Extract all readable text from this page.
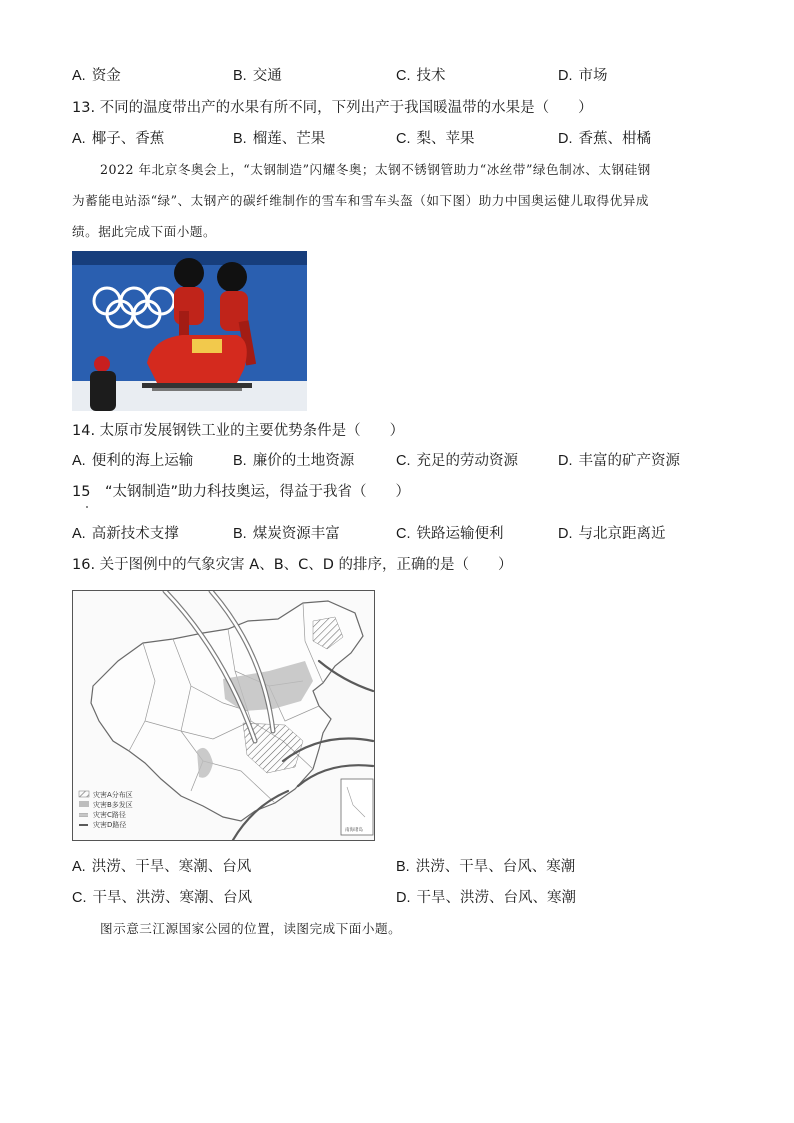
A. 资金	B. 交通	C. 技术	D. 市场
13. 不同的温度带出产的水果有所不同，下列出产于我国暖温带的水果是（　　）
A. 椰子、香蕉	B. 榴莲、芒果	C. 梨、苹果	D. 香蕉、柑橘
2022 年北京冬奥会上，“太钢制造”闪耀冬奥；太钢不锈钢管助力“冰丝带”绿色制冰、太钢硅钢
为蓄能电站添“绿”、太钢产的碳纤维制作的雪车和雪车头盔（如下图）助力中国奥运健儿取得优异成
绩。据此完成下面小题。
14. 太原市发展钢铁工业的主要优势条件是（　　）
A. 便利的海上运输	B. 廉价的土地资源	C. 充足的劳动资源	D. 丰富的矿产资源
15　“太钢制造”助力科技奥运，得益于我省（　　）
A. 高新技术支撑	B. 煤炭资源丰富	C. 铁路运输便利	D. 与北京距离近
16. 关于图例中的气象灾害 A、B、C、D 的排序，正确的是（　　）
南海诸岛
灾害A分布区
灾害B多发区
灾害C路径
灾害D路径
A. 洪涝、干旱、寒潮、台风	B. 洪涝、干旱、台风、寒潮
C. 干旱、洪涝、寒潮、台风	D. 干旱、洪涝、台风、寒潮
图示意三江源国家公园的位置，读图完成下面小题。
